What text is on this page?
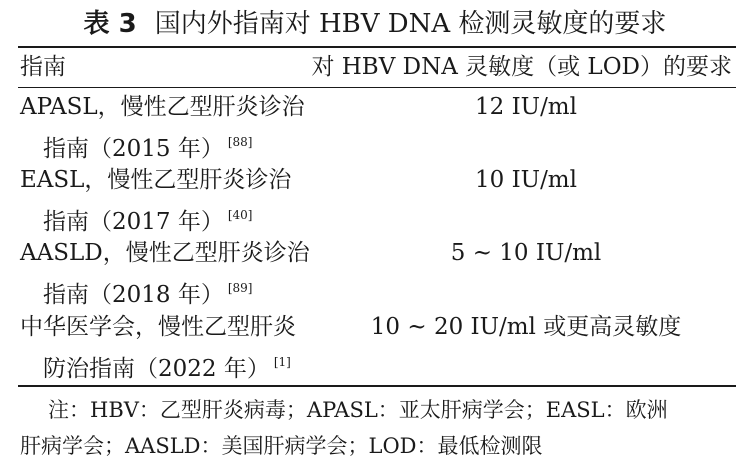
表 3 国内外指南对 HBV DNA 检测灵敏度的要求
指南	对 HBV DNA 灵敏度（或 LOD）的要求
APASL，慢性乙型肝炎诊治
指南（2015 年） [88]
12 IU/ml
EASL，慢性乙型肝炎诊治
指南（2017 年） [40]
10 IU/ml
AASLD，慢性乙型肝炎诊治
指南（2018 年） [89]
5 ~ 10 IU/ml
中华医学会，慢性乙型肝炎
防治指南（2022 年） [1]
10 ~ 20 IU/ml 或更高灵敏度
注：HBV：乙型肝炎病毒；APASL：亚太肝病学会；EASL：欧洲
肝病学会；AASLD：美国肝病学会；LOD：最低检测限
